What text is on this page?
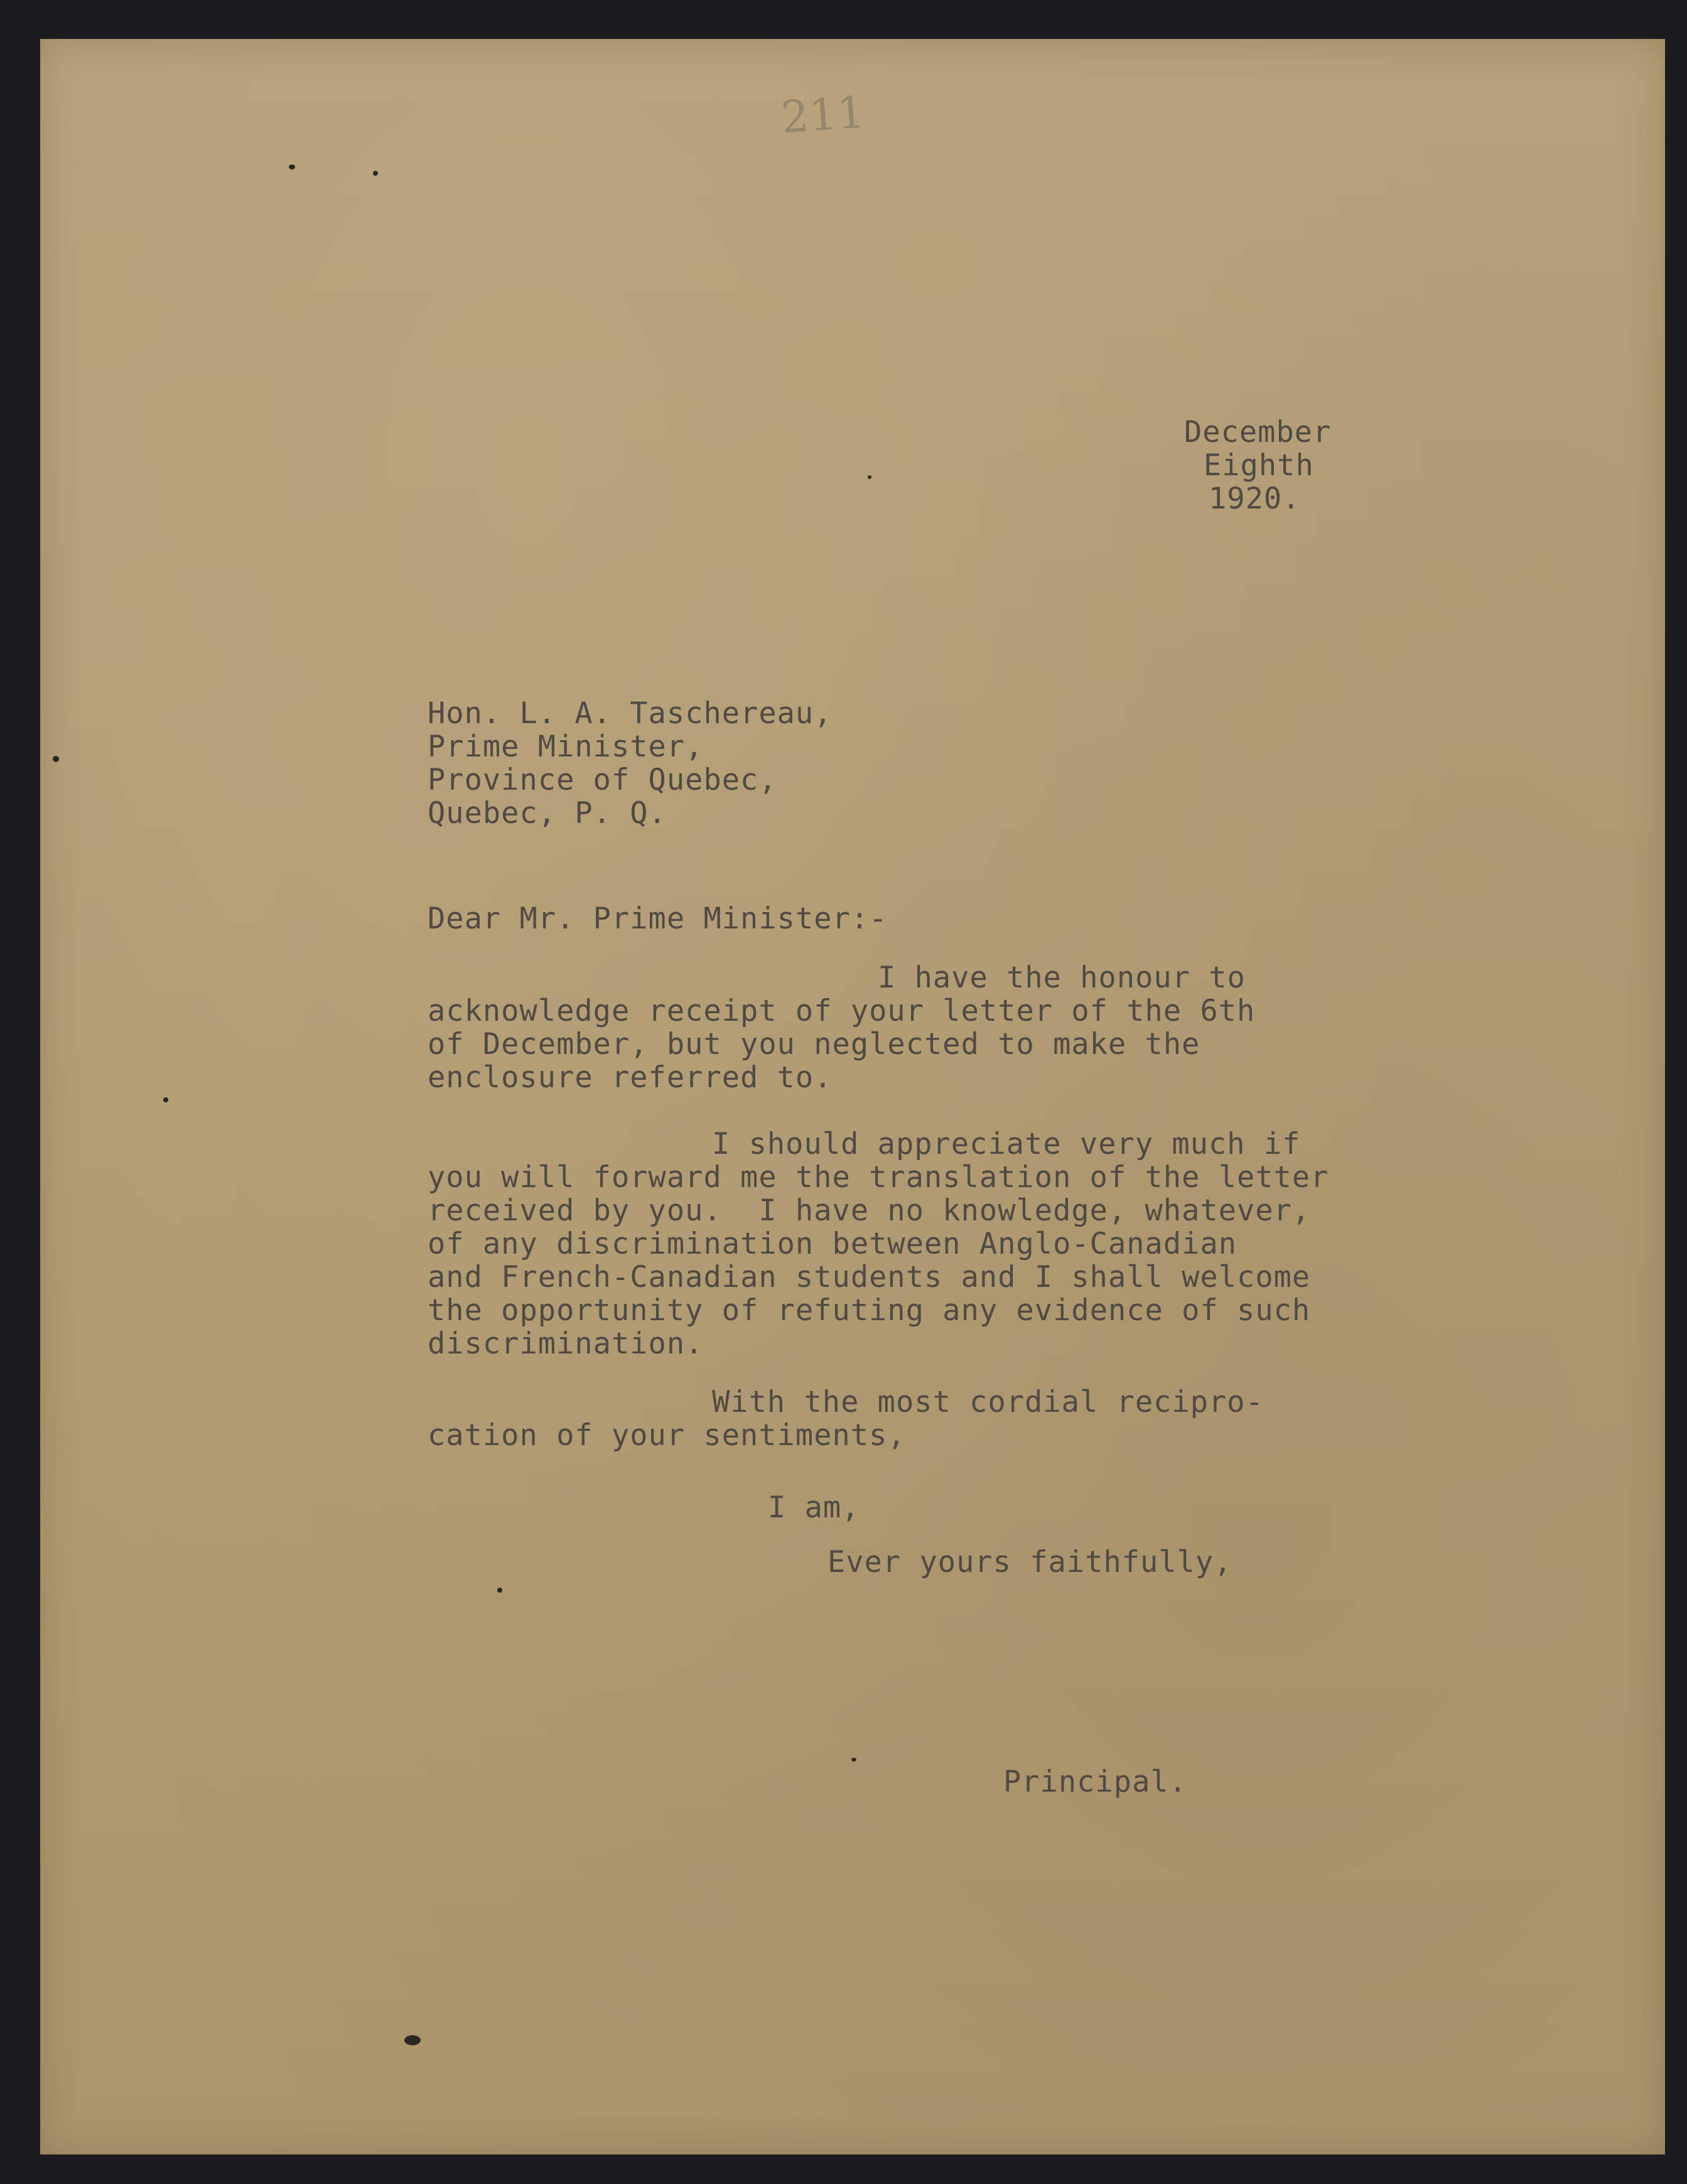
211
December
Eighth
1920.
Hon. L. A. Taschereau,
Prime Minister,
Province of Quebec,
Quebec, P. Q.
Dear Mr. Prime Minister:-
I have the honour to
acknowledge receipt of your letter of the 6th
of December, but you neglected to make the
enclosure referred to.
I should appreciate very much if
you will forward me the translation of the letter
received by you.  I have no knowledge, whatever,
of any discrimination between Anglo-Canadian
and French-Canadian students and I shall welcome
the opportunity of refuting any evidence of such
discrimination.
With the most cordial recipro-
cation of your sentiments,
I am,
Ever yours faithfully,
Principal.
